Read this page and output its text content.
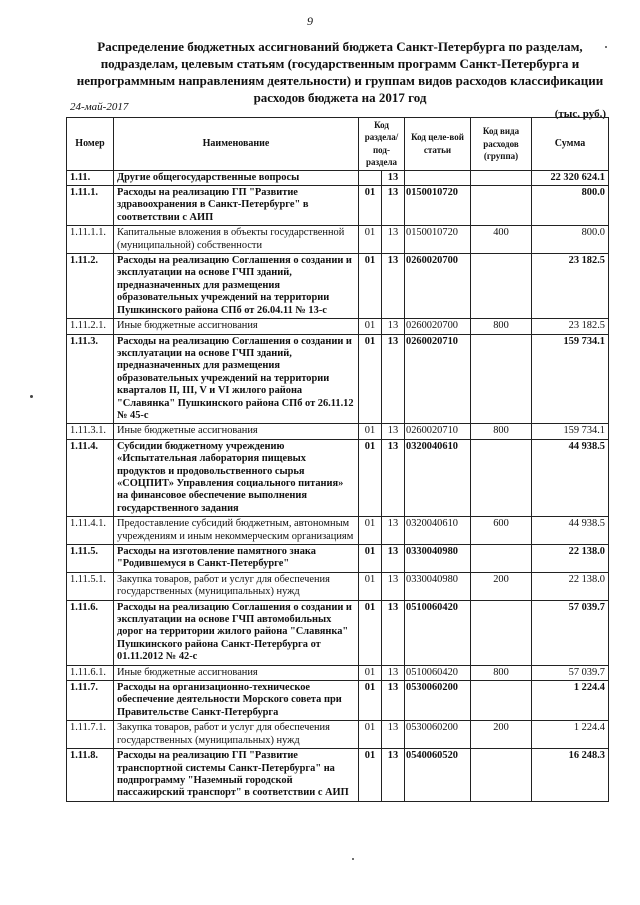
9
Распределение бюджетных ассигнований бюджета Санкт-Петербурга по разделам, подразделам, целевым статьям (государственным программ Санкт-Петербурга и непрограммным направлениям деятельности) и группам видов расходов классификации расходов бюджета на 2017 год
24-май-2017
(тыс. руб.)
Номер	Наименование	Код раздела/ под-раздела		Код целе-вой статьи	Код вида расходов (группа)	Сумма
1.11.	Другие общегосударственные вопросы		13			22 320 624.1
1.11.1.	Расходы на реализацию ГП "Развитие здравоохранения в Санкт-Петербурге" в соответствии с АИП	01	13	0150010720		800.0
1.11.1.1.	Капитальные вложения в объекты государственной (муниципальной) собственности	01	13	0150010720	400	800.0
1.11.2.	Расходы на реализацию Соглашения о создании и эксплуатации на основе ГЧП зданий, предназначенных для размещения образовательных учреждений на территории Пушкинского района СПб от 26.04.11 № 13-с	01	13	0260020700		23 182.5
1.11.2.1.	Иные бюджетные ассигнования	01	13	0260020700	800	23 182.5
1.11.3.	Расходы на реализацию Соглашения о создании и эксплуатации на основе ГЧП зданий, предназначенных для размещения образовательных учреждений на территории кварталов II, III, V и VI жилого района "Славянка" Пушкинского района СПб от 26.11.12 № 45-с	01	13	0260020710		159 734.1
1.11.3.1.	Иные бюджетные ассигнования	01	13	0260020710	800	159 734.1
1.11.4.	Субсидии бюджетному учреждению «Испытательная лаборатория пищевых продуктов и продовольственного сырья «СОЦПИТ» Управления социального питания» на финансовое обеспечение выполнения государственного задания	01	13	0320040610		44 938.5
1.11.4.1.	Предоставление субсидий бюджетным, автономным учреждениям и иным некоммерческим организациям	01	13	0320040610	600	44 938.5
1.11.5.	Расходы на изготовление памятного знака "Родившемуся в Санкт-Петербурге"	01	13	0330040980		22 138.0
1.11.5.1.	Закупка товаров, работ и услуг для обеспечения государственных (муниципальных) нужд	01	13	0330040980	200	22 138.0
1.11.6.	Расходы на реализацию Соглашения о создании и эксплуатации на основе ГЧП автомобильных дорог на территории жилого района "Славянка" Пушкинского района Санкт-Петербурга от 01.11.2012 № 42-с	01	13	0510060420		57 039.7
1.11.6.1.	Иные бюджетные ассигнования	01	13	0510060420	800	57 039.7
1.11.7.	Расходы на организационно-техническое обеспечение деятельности Морского совета при Правительстве Санкт-Петербурга	01	13	0530060200		1 224.4
1.11.7.1.	Закупка товаров, работ и услуг для обеспечения государственных (муниципальных) нужд	01	13	0530060200	200	1 224.4
1.11.8.	Расходы на реализацию ГП "Развитие транспортной системы Санкт-Петербурга" на подпрограмму "Наземный городской пассажирский транспорт" в соответствии с АИП	01	13	0540060520		16 248.3
